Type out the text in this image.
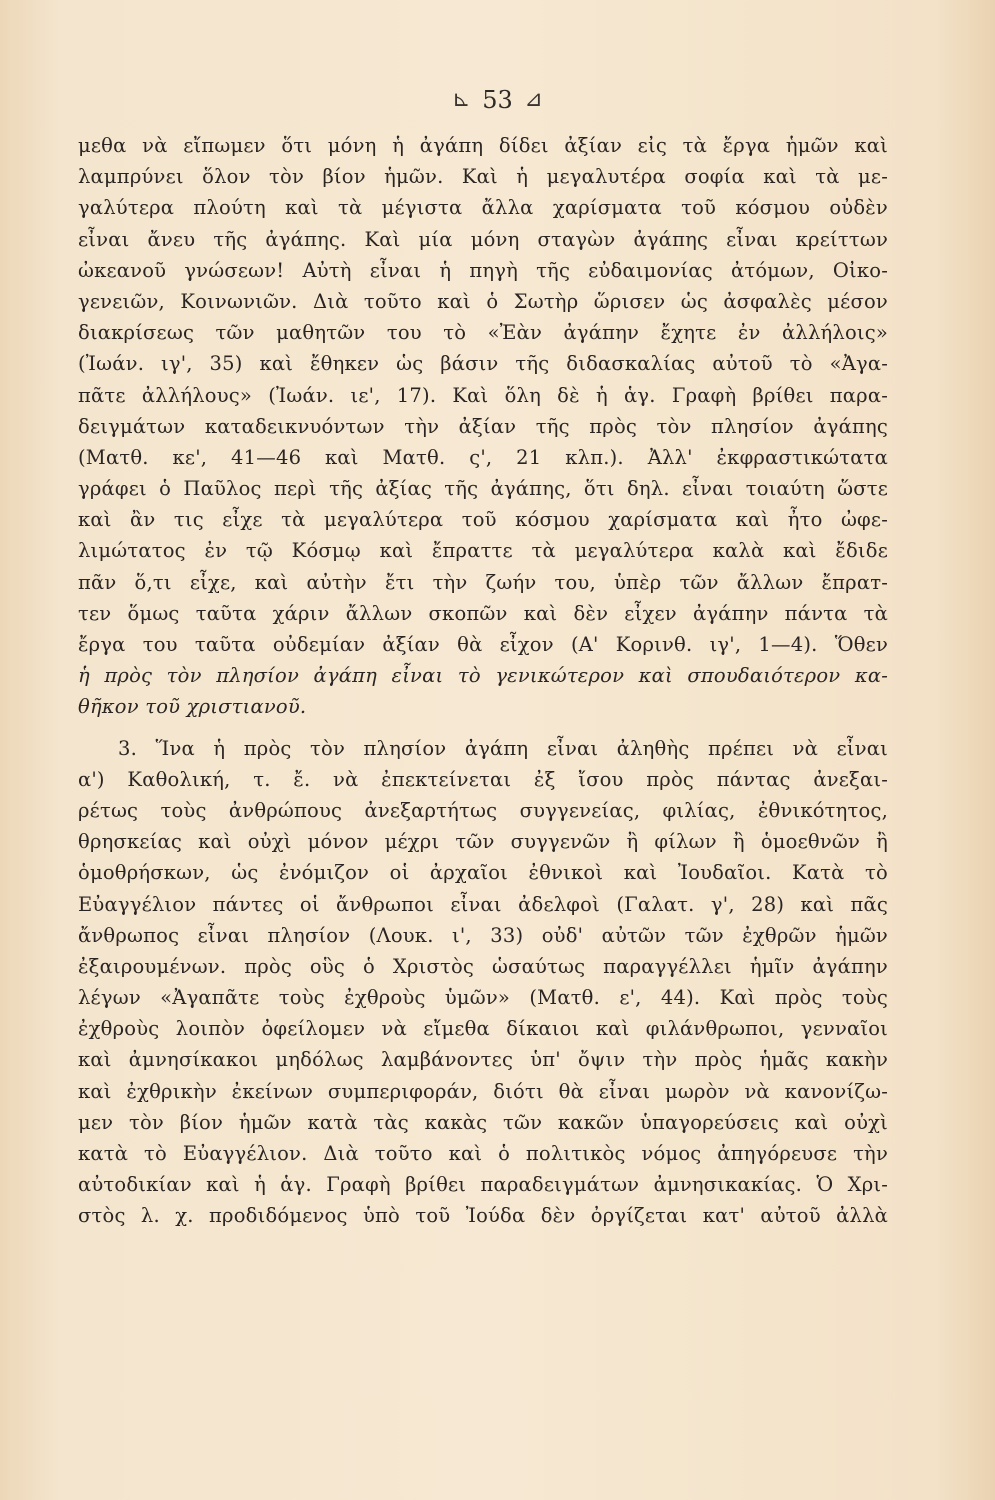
⊾ 53 ⊿
μεθα νὰ εἴπωμεν ὅτι μόνη ἡ ἀγάπη δίδει ἀξίαν εἰς τὰ ἔργα ἡμῶν καὶ
λαμπρύνει ὅλον τὸν βίον ἡμῶν. Καὶ ἡ μεγαλυτέρα σοφία καὶ τὰ με-
γαλύτερα πλούτη καὶ τὰ μέγιστα ἄλλα χαρίσματα τοῦ κόσμου οὐδὲν
εἶναι ἄνευ τῆς ἀγάπης. Καὶ μία μόνη σταγὼν ἀγάπης εἶναι κρείττων
ὠκεανοῦ γνώσεων! Αὐτὴ εἶναι ἡ πηγὴ τῆς εὐδαιμονίας ἀτόμων, Οἰκο-
γενειῶν, Κοινωνιῶν. Διὰ τοῦτο καὶ ὁ Σωτὴρ ὥρισεν ὡς ἀσφαλὲς μέσον
διακρίσεως τῶν μαθητῶν του τὸ «Ἐὰν ἀγάπην ἔχητε ἐν ἀλλήλοις»
(Ἰωάν. ιγ', 35) καὶ ἔθηκεν ὡς βάσιν τῆς διδασκαλίας αὐτοῦ τὸ «Ἀγα-
πᾶτε ἀλλήλους» (Ἰωάν. ιε', 17). Καὶ ὅλη δὲ ἡ ἁγ. Γραφὴ βρίθει παρα-
δειγμάτων καταδεικνυόντων τὴν ἀξίαν τῆς πρὸς τὸν πλησίον ἀγάπης
(Ματθ. κε', 41—46 καὶ Ματθ. ς', 21 κλπ.). Ἀλλ' ἐκφραστικώτατα
γράφει ὁ Παῦλος περὶ τῆς ἀξίας τῆς ἀγάπης, ὅτι δηλ. εἶναι τοιαύτη ὥστε
καὶ ἂν τις εἶχε τὰ μεγαλύτερα τοῦ κόσμου χαρίσματα καὶ ἦτο ὠφε-
λιμώτατος ἐν τῷ Κόσμῳ καὶ ἔπραττε τὰ μεγαλύτερα καλὰ καὶ ἔδιδε
πᾶν ὅ,τι εἶχε, καὶ αὐτὴν ἔτι τὴν ζωήν του, ὑπὲρ τῶν ἄλλων ἔπραт-
τεν ὅμως ταῦτα χάριν ἄλλων σκοπῶν καὶ δὲν εἶχεν ἀγάπην πάντα τὰ
ἔργα του ταῦτα οὐδεμίαν ἀξίαν θὰ εἶχον (Α' Κορινθ. ιγ', 1—4). Ὅθεν
ἡ πρὸς τὸν πλησίον ἀγάπη εἶναι τὸ γενικώτερον καὶ σπουδαιότερον κα-
θῆκον τοῦ χριστιανοῦ.
3. Ἵνα ἡ πρὸς τὸν πλησίον ἀγάπη εἶναι ἀληθὴς πρέπει νὰ εἶναι
α') Καθολική, τ. ἔ. νὰ ἐπεκτείνεται ἐξ ἴσου πρὸς πάντας ἀνεξαι-
ρέτως τοὺς ἀνθρώπους ἀνεξαρτήτως συγγενείας, φιλίας, ἐθνικότητος,
θρησκείας καὶ οὐχὶ μόνον μέχρι τῶν συγγενῶν ἢ φίλων ἢ ὁμοεθνῶν ἢ
ὁμοθρήσκων, ὡς ἐνόμιζον οἱ ἀρχαῖοι ἐθνικοὶ καὶ Ἰουδαῖοι. Κατὰ τὸ
Εὐαγγέλιον πάντες οἱ ἄνθρωποι εἶναι ἀδελφοὶ (Γαλατ. γ', 28) καὶ πᾶς
ἄνθρωπος εἶναι πλησίον (Λουκ. ι', 33) οὐδ' αὐτῶν τῶν ἐχθρῶν ἡμῶν
ἐξαιρουμένων. πρὸς οὓς ὁ Χριστὸς ὡσαύτως παραγγέλλει ἡμῖν ἀγάπην
λέγων «Ἀγαπᾶτε τοὺς ἐχθροὺς ὑμῶν» (Ματθ. ε', 44). Καὶ πρὸς τοὺς
ἐχθροὺς λοιπὸν ὀφείλομεν νὰ εἴμεθα δίκαιοι καὶ φιλάνθρωποι, γενναῖοι
καὶ ἀμνησίκακοι μηδόλως λαμβάνοντες ὑπ' ὄψιν τὴν πρὸς ἡμᾶς κακὴν
καὶ ἐχθρικὴν ἐκείνων συμπεριφοράν, διότι θὰ εἶναι μωρὸν νὰ κανονίζω-
μεν τὸν βίον ἡμῶν κατὰ τὰς κακὰς τῶν κακῶν ὑπαγορεύσεις καὶ οὐχὶ
κατὰ τὸ Εὐαγγέλιον. Διὰ τοῦτο καὶ ὁ πολιτικὸς νόμος ἀπηγόρευσε τὴν
αὐτοδικίαν καὶ ἡ ἁγ. Γραφὴ βρίθει παραδειγμάτων ἀμνησικακίας. Ὁ Χρι-
στὸς λ. χ. προδιδόμενος ὑπὸ τοῦ Ἰούδα δὲν ὀργίζεται κατ' αὐτοῦ ἀλλὰ
